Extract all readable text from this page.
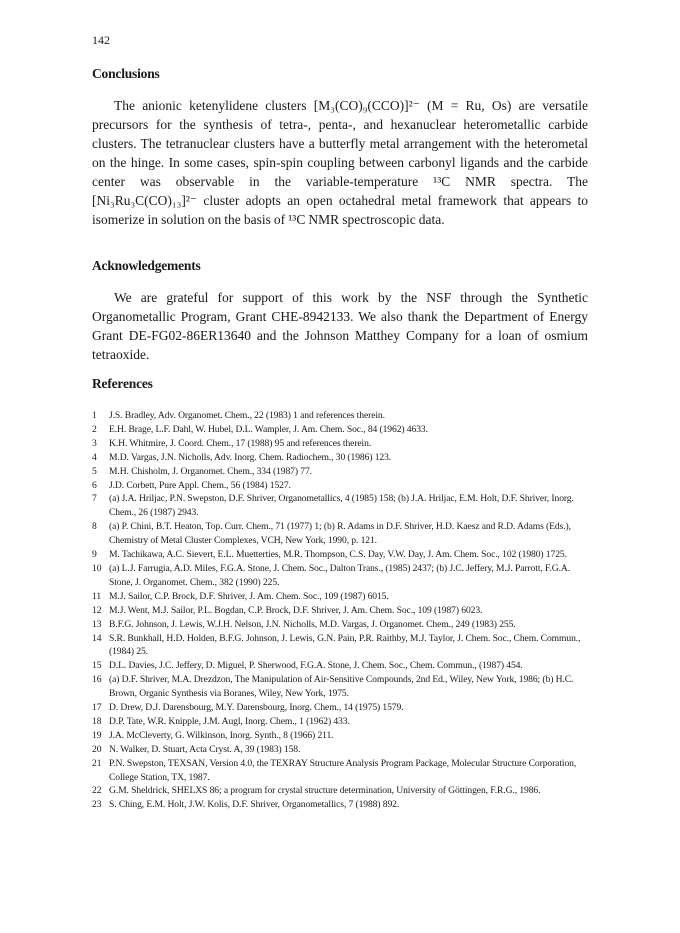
142
Conclusions

The anionic ketenylidene clusters [M₃(CO)₉(CCO)]²⁻ (M = Ru, Os) are versatile precursors for the synthesis of tetra-, penta-, and hexanuclear heterometallic carbide clusters. The tetranuclear clusters have a butterfly metal arrangement with the heterometal on the hinge. In some cases, spin-spin coupling between carbonyl ligands and the carbide center was observable in the variable-temperature ¹³C NMR spectra. The [Ni₃Ru₃C(CO)₁₃]²⁻ cluster adopts an open octahedral metal framework that appears to isomerize in solution on the basis of ¹³C NMR spectroscopic data.

Acknowledgements

We are grateful for support of this work by the NSF through the Synthetic Organometallic Program, Grant CHE-8942133. We also thank the Department of Energy Grant DE-FG02-86ER13640 and the Johnson Matthey Company for a loan of osmium tetraoxide.

References
1	J.S. Bradley, Adv. Organomet. Chem., 22 (1983) 1 and references therein.
2	E.H. Brage, L.F. Dahl, W. Hubel, D.L. Wampler, J. Am. Chem. Soc., 84 (1962) 4633.
3	K.H. Whitmire, J. Coord. Chem., 17 (1988) 95 and references therein.
4	M.D. Vargas, J.N. Nicholls, Adv. Inorg. Chem. Radiochem., 30 (1986) 123.
5	M.H. Chisholm, J. Organomet. Chem., 334 (1987) 77.
6	J.D. Corbett, Pure Appl. Chem., 56 (1984) 1527.
7	(a) J.A. Hriljac, P.N. Swepston, D.F. Shriver, Organometallics, 4 (1985) 158; (b) J.A. Hriljac, E.M. Holt, D.F. Shriver, Inorg. Chem., 26 (1987) 2943.
8	(a) P. Chini, B.T. Heaton, Top. Curr. Chem., 71 (1977) 1; (b) R. Adams in D.F. Shriver, H.D. Kaesz and R.D. Adams (Eds.), Chemistry of Metal Cluster Complexes, VCH, New York, 1990, p. 121.
9	M. Tachikawa, A.C. Sievert, E.L. Muetterties, M.R. Thompson, C.S. Day, V.W. Day, J. Am. Chem. Soc., 102 (1980) 1725.
10 (a) L.J. Farrugia, A.D. Miles, F.G.A. Stone, J. Chem. Soc., Dalton Trans., (1985) 2437; (b) J.C. Jeffery, M.J. Parrott, F.G.A. Stone, J. Organomet. Chem., 382 (1990) 225.
11 M.J. Sailor, C.P. Brock, D.F. Shriver, J. Am. Chem. Soc., 109 (1987) 6015.
12 M.J. Went, M.J. Sailor, P.L. Bogdan, C.P. Brock, D.F. Shriver, J. Am. Chem. Soc., 109 (1987) 6023.
13 B.F.G. Johnson, J. Lewis, W.J.H. Nelson, J.N. Nicholls, M.D. Vargas, J. Organomet. Chem., 249 (1983) 255.
14 S.R. Bunkhall, H.D. Holden, B.F.G. Johnson, J. Lewis, G.N. Pain, P.R. Raithby, M.J. Taylor, J. Chem. Soc., Chem. Commun., (1984) 25.
15 D.L. Davies, J.C. Jeffery, D. Miguel, P. Sherwood, F.G.A. Stone, J. Chem. Soc., Chem. Commun., (1987) 454.
16 (a) D.F. Shriver, M.A. Drezdzon, The Manipulation of Air-Sensitive Compounds, 2nd Ed., Wiley, New York, 1986; (b) H.C. Brown, Organic Synthesis via Boranes, Wiley, New York, 1975.
17 D. Drew, D.J. Darensbourg, M.Y. Darensbourg, Inorg. Chem., 14 (1975) 1579.
18 D.P. Tate, W.R. Knipple, J.M. Augl, Inorg. Chem., 1 (1962) 433.
19 J.A. McCleverty, G. Wilkinson, Inorg. Synth., 8 (1966) 211.
20 N. Walker, D. Stuart, Acta Cryst. A, 39 (1983) 158.
21 P.N. Swepston, TEXSAN, Version 4.0, the TEXRAY Structure Analysis Program Package, Molecular Structure Corporation, College Station, TX, 1987.
22 G.M. Sheldrick, SHELXS 86; a program for crystal structure determination, University of Göttingen, F.R.G., 1986.
23 S. Ching, E.M. Holt, J.W. Kolis, D.F. Shriver, Organometallics, 7 (1988) 892.
